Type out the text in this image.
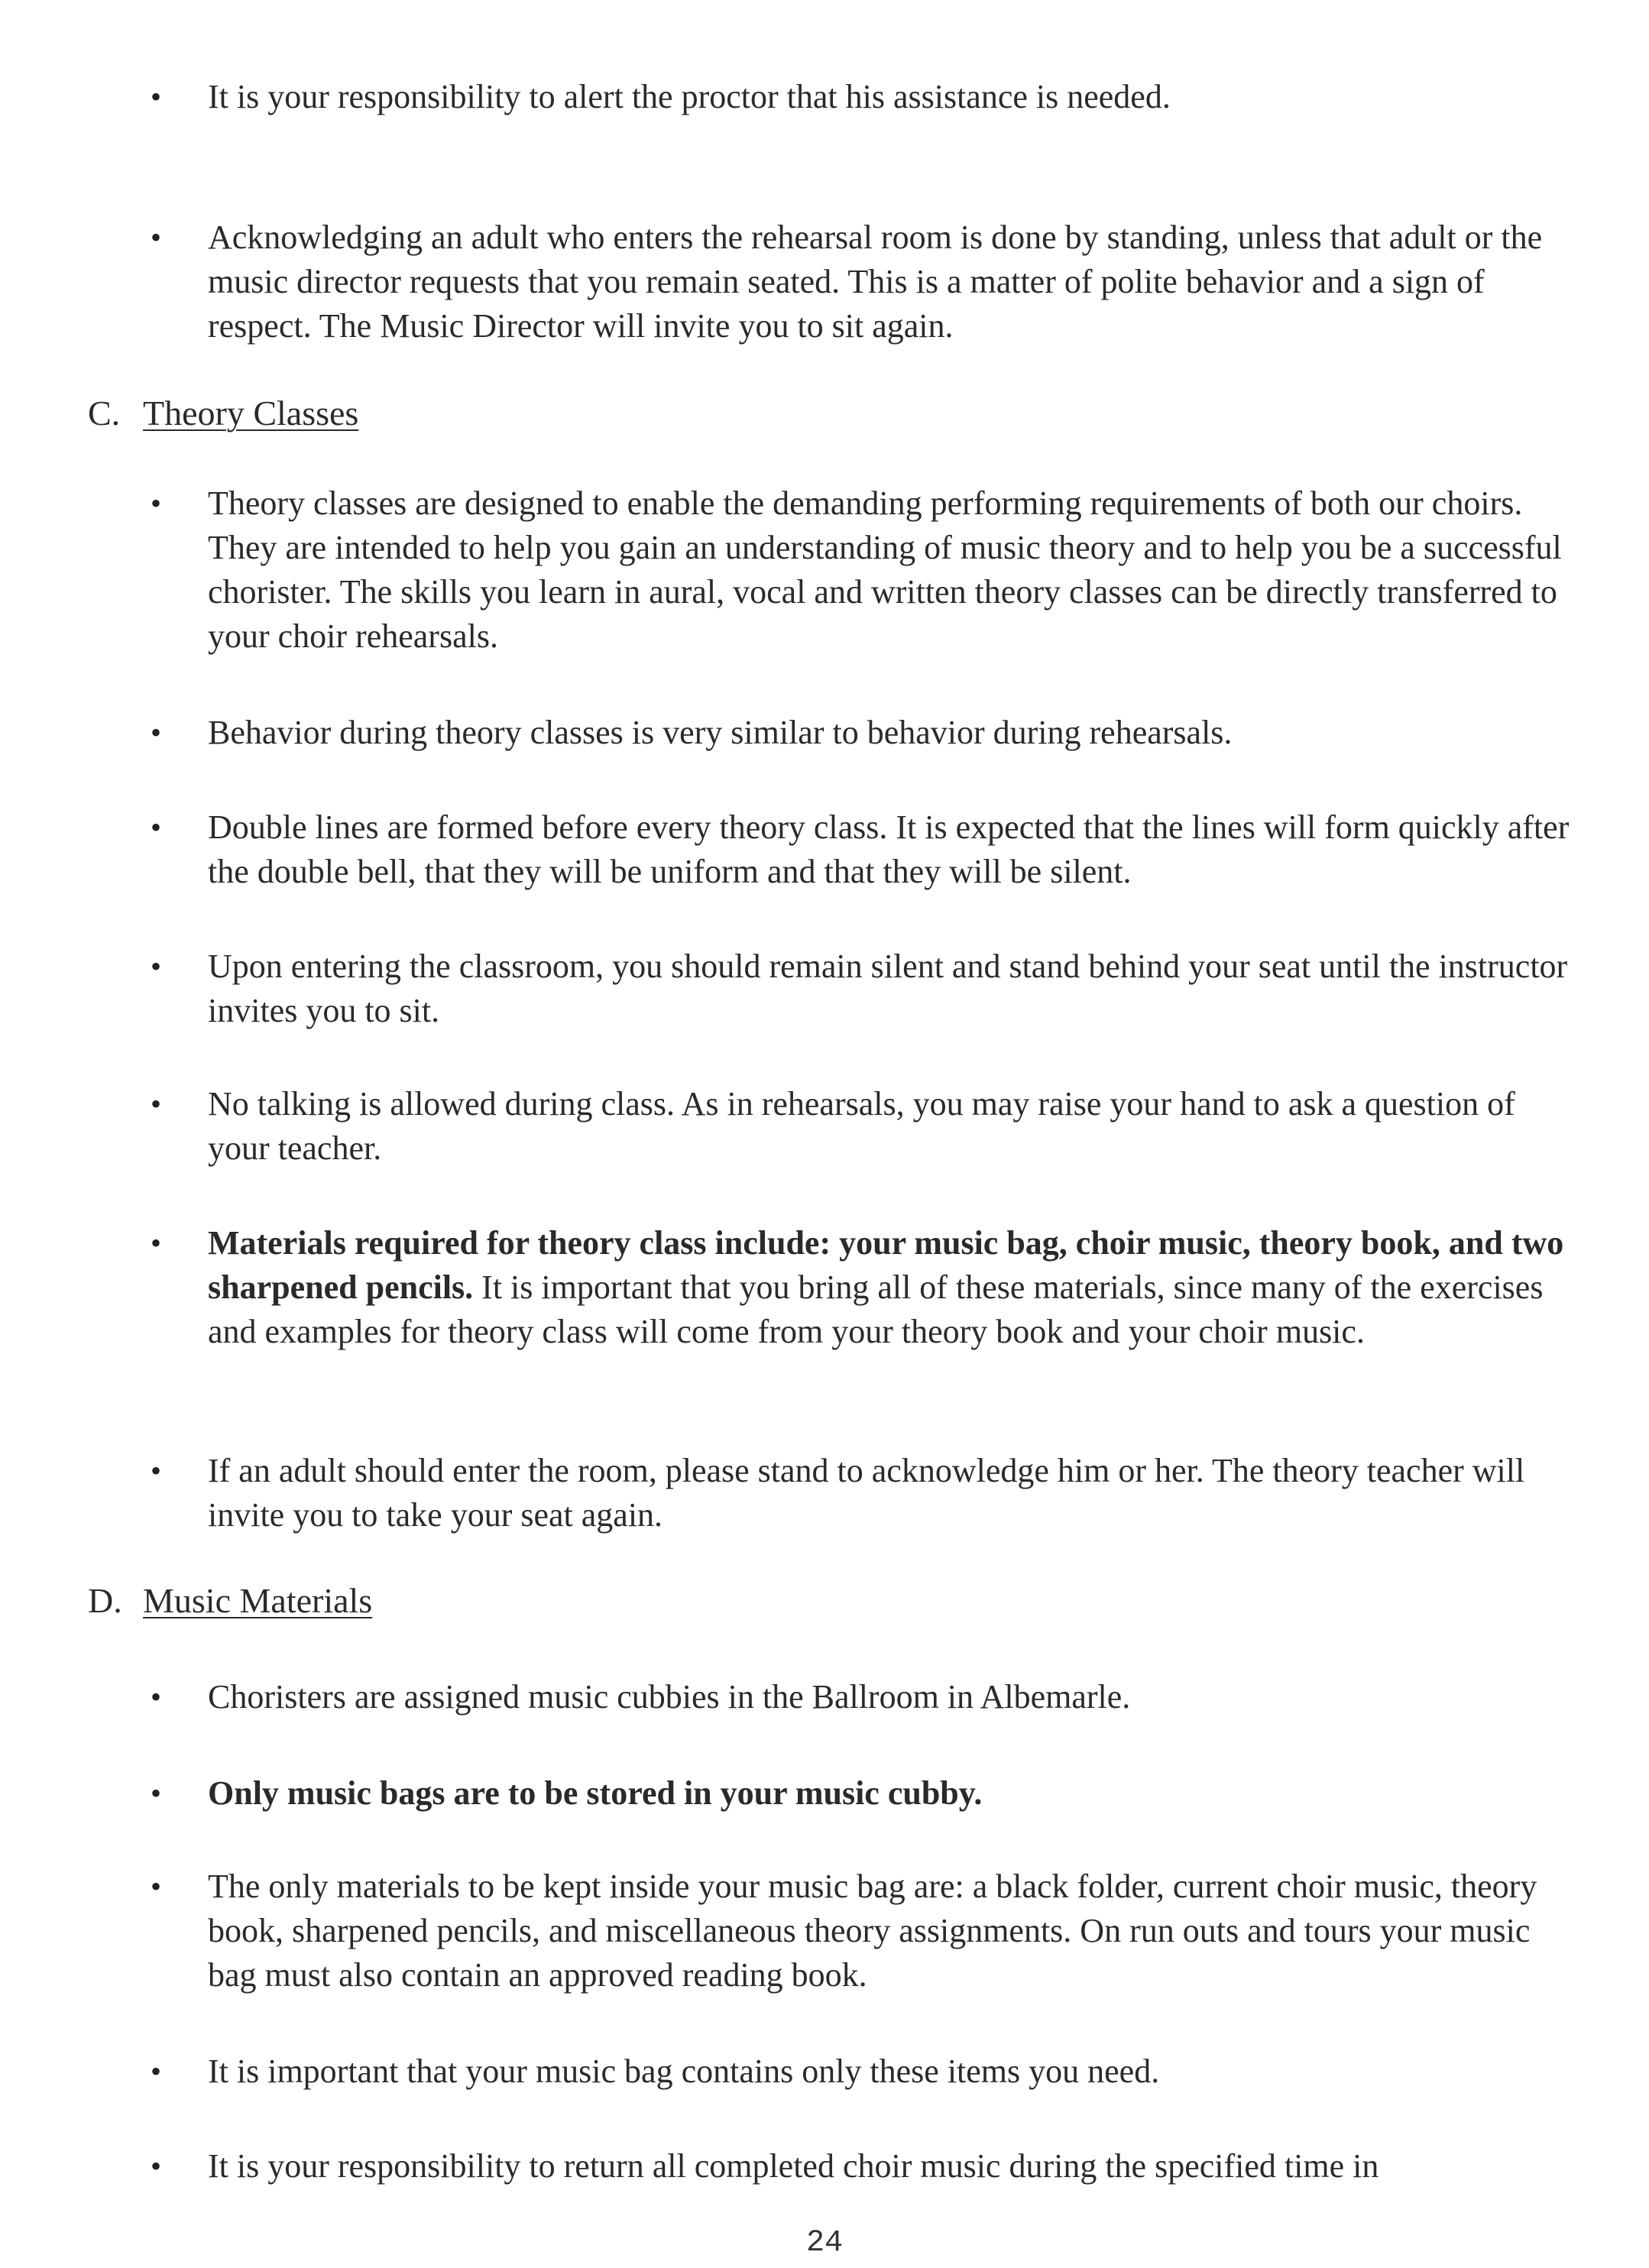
• It is your responsibility to alert the proctor that his assistance is needed.
• Acknowledging an adult who enters the rehearsal room is done by standing, unless that adult or the music director requests that you remain seated. This is a matter of polite behavior and a sign of respect. The Music Director will invite you to sit again.
C. Theory Classes
• Theory classes are designed to enable the demanding performing requirements of both our choirs. They are intended to help you gain an understanding of music theory and to help you be a successful chorister. The skills you learn in aural, vocal and written theory classes can be directly transferred to your choir rehearsals.
• Behavior during theory classes is very similar to behavior during rehearsals.
• Double lines are formed before every theory class. It is expected that the lines will form quickly after the double bell, that they will be uniform and that they will be silent.
• Upon entering the classroom, you should remain silent and stand behind your seat until the instructor invites you to sit.
• No talking is allowed during class. As in rehearsals, you may raise your hand to ask a question of your teacher.
• Materials required for theory class include: your music bag, choir music, theory book, and two sharpened pencils. It is important that you bring all of these materials, since many of the exercises and examples for theory class will come from your theory book and your choir music.
• If an adult should enter the room, please stand to acknowledge him or her. The theory teacher will invite you to take your seat again.
D. Music Materials
• Choristers are assigned music cubbies in the Ballroom in Albemarle.
• Only music bags are to be stored in your music cubby.
• The only materials to be kept inside your music bag are: a black folder, current choir music, theory book, sharpened pencils, and miscellaneous theory assignments. On run outs and tours your music bag must also contain an approved reading book.
• It is important that your music bag contains only these items you need.
• It is your responsibility to return all completed choir music during the specified time in
24
